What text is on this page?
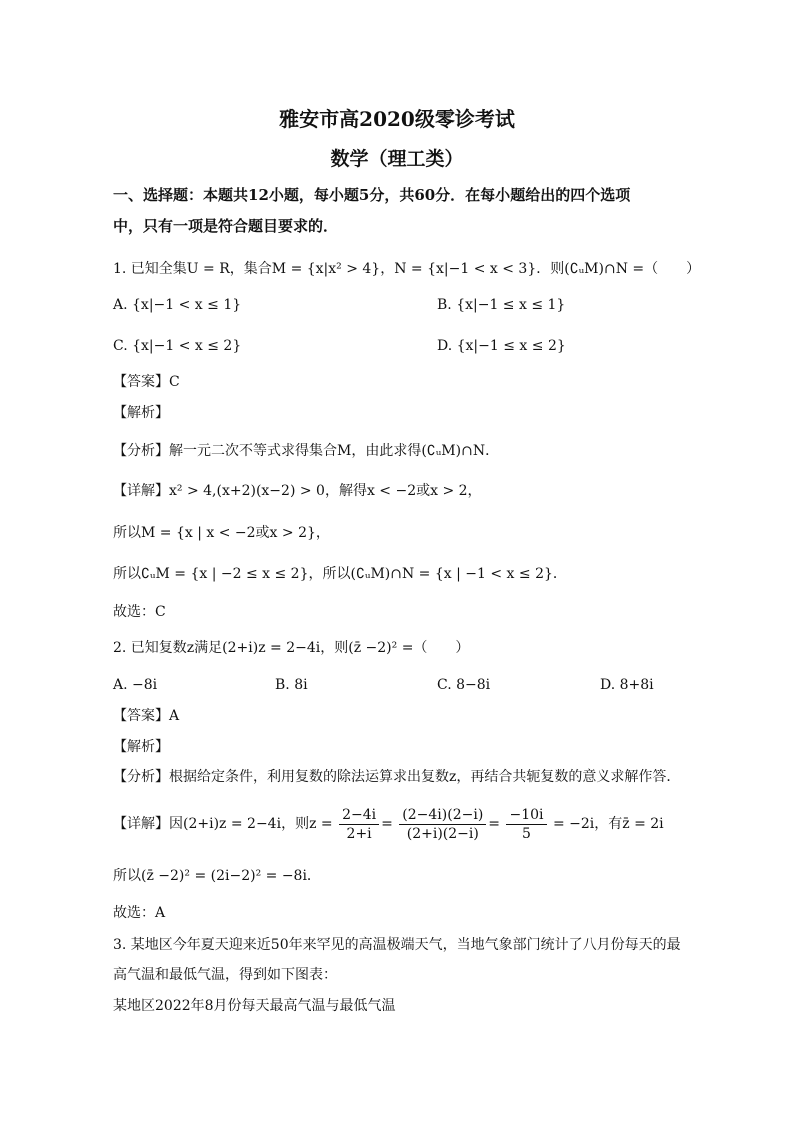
雅安市高2020级零诊考试
数学（理工类）
一、选择题：本题共12小题，每小题5分，共60分．在每小题给出的四个选项
中，只有一项是符合题目要求的．
1. 已知全集U = R，集合M = {x|x² > 4}，N = {x|−1 < x < 3}．则(∁ᵤM)∩N =（　　）
A. {x|−1 < x ≤ 1}	B. {x|−1 ≤ x ≤ 1}
C. {x|−1 < x ≤ 2}	D. {x|−1 ≤ x ≤ 2}
【答案】C
【解析】
【分析】解一元二次不等式求得集合M，由此求得(∁ᵤM)∩N．
【详解】x² > 4,(x+2)(x−2) > 0，解得x < −2或x > 2，
所以M = {x | x < −2或x > 2}，
所以∁ᵤM = {x | −2 ≤ x ≤ 2}，所以(∁ᵤM)∩N = {x | −1 < x ≤ 2}．
故选：C
2. 已知复数z满足(2+i)z = 2−4i，则(z̄ −2)² =（　　）
A. −8i	B. 8i	C. 8−8i	D. 8+8i
【答案】A
【解析】
【分析】根据给定条件，利用复数的除法运算求出复数z，再结合共轭复数的意义求解作答．
【详解】因(2+i)z = 2−4i，则$z = \frac{2-4i}{2+i} = \frac{(2-4i)(2-i)}{(2+i)(2-i)} = \frac{-10i}{5} = -2i$，有z̄ = 2i
所以(z̄ −2)² = (2i−2)² = −8i．
故选：A
3. 某地区今年夏天迎来近50年来罕见的高温极端天气，当地气象部门统计了八月份每天的最
高气温和最低气温，得到如下图表：
某地区2022年8月份每天最高气温与最低气温
